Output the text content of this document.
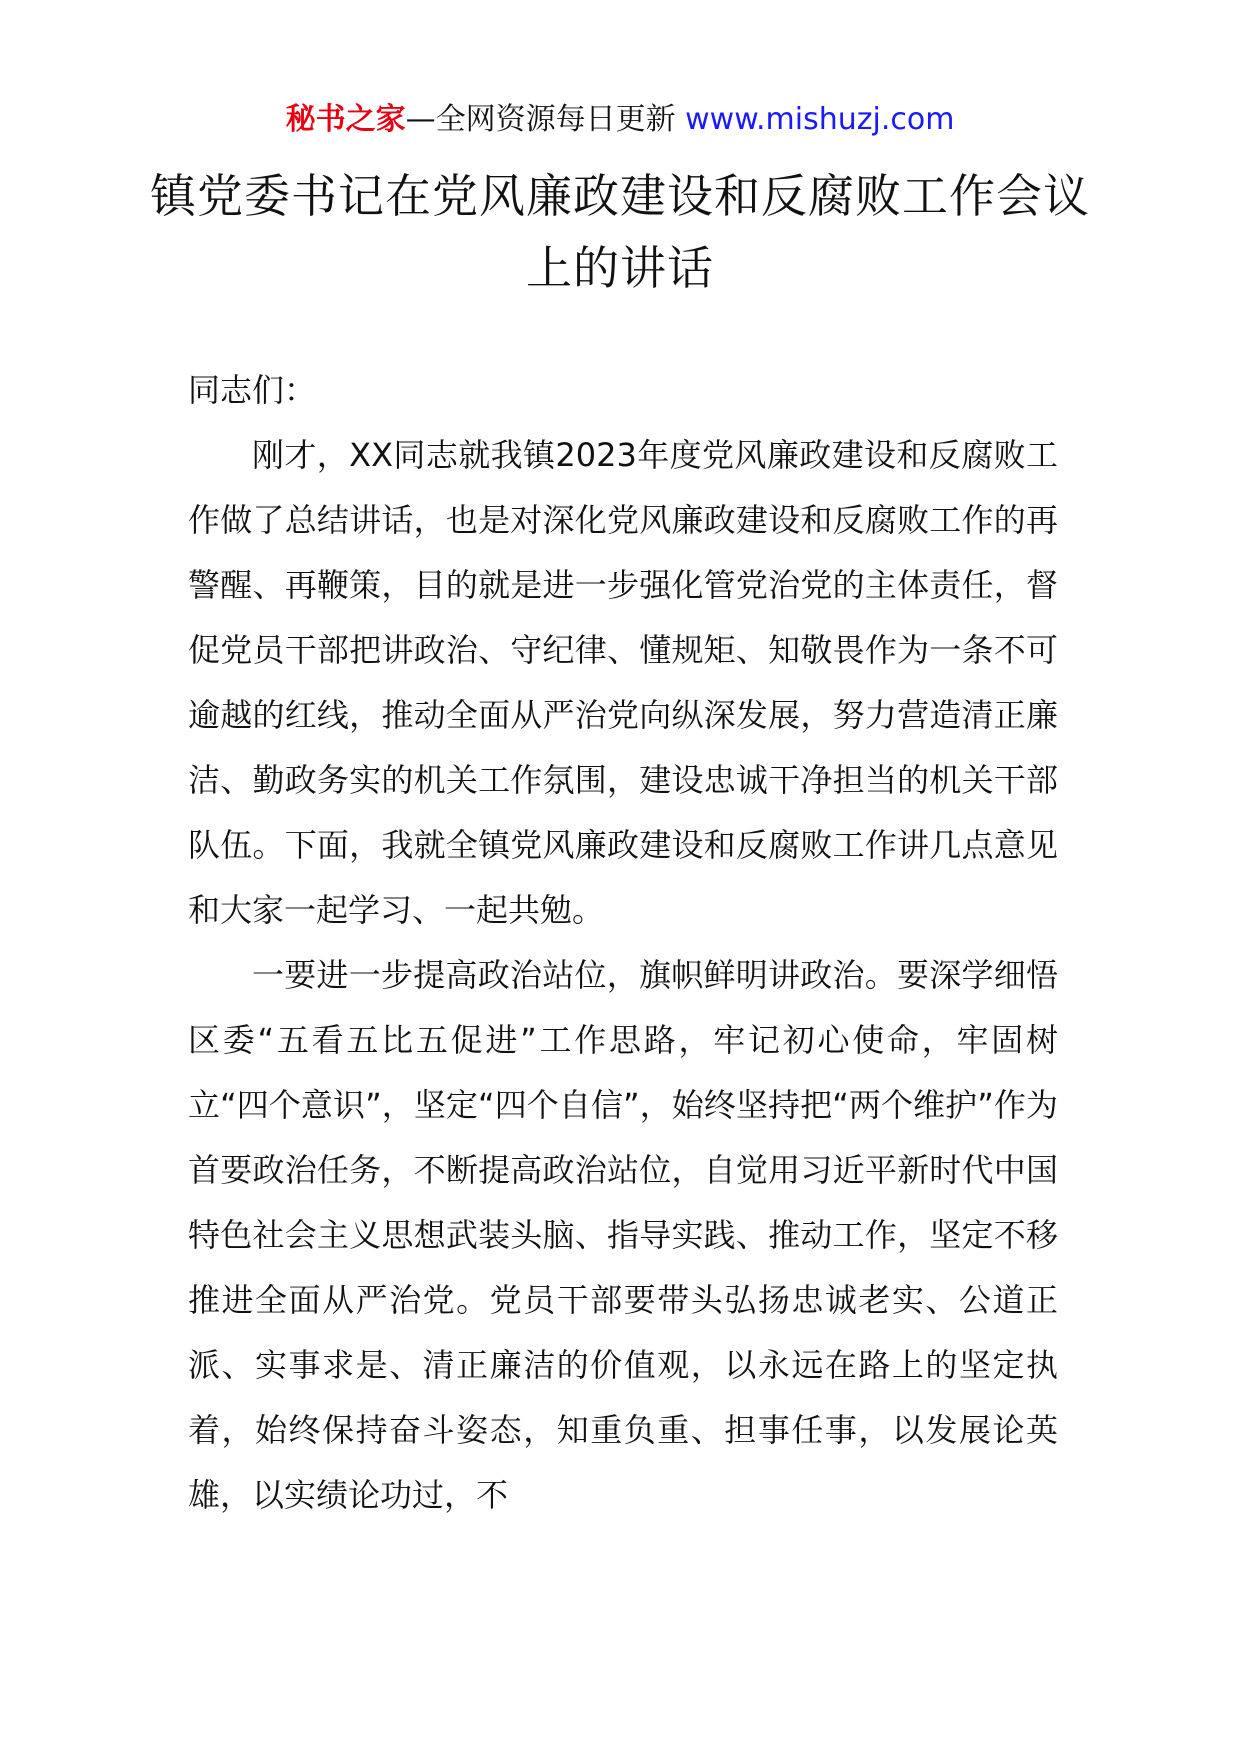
秘书之家—全网资源每日更新 www.mishuzj.com
镇党委书记在党风廉政建设和反腐败工作会议上的讲话

同志们：

刚才，XX同志就我镇2023年度党风廉政建设和反腐败工作做了总结讲话，也是对深化党风廉政建设和反腐败工作的再警醒、再鞭策，目的就是进一步强化管党治党的主体责任，督促党员干部把讲政治、守纪律、懂规矩、知敬畏作为一条不可逾越的红线，推动全面从严治党向纵深发展，努力营造清正廉洁、勤政务实的机关工作氛围，建设忠诚干净担当的机关干部队伍。下面，我就全镇党风廉政建设和反腐败工作讲几点意见和大家一起学习、一起共勉。

一要进一步提高政治站位，旗帜鲜明讲政治。要深学细悟区委“五看五比五促进”工作思路，牢记初心使命，牢固树立“四个意识”，坚定“四个自信”，始终坚持把“两个维护”作为首要政治任务，不断提高政治站位，自觉用习近平新时代中国特色社会主义思想武装头脑、指导实践、推动工作，坚定不移推进全面从严治党。党员干部要带头弘扬忠诚老实、公道正派、实事求是、清正廉洁的价值观，以永远在路上的坚定执着，始终保持奋斗姿态，知重负重、担事任事，以发展论英雄，以实绩论功过，不
